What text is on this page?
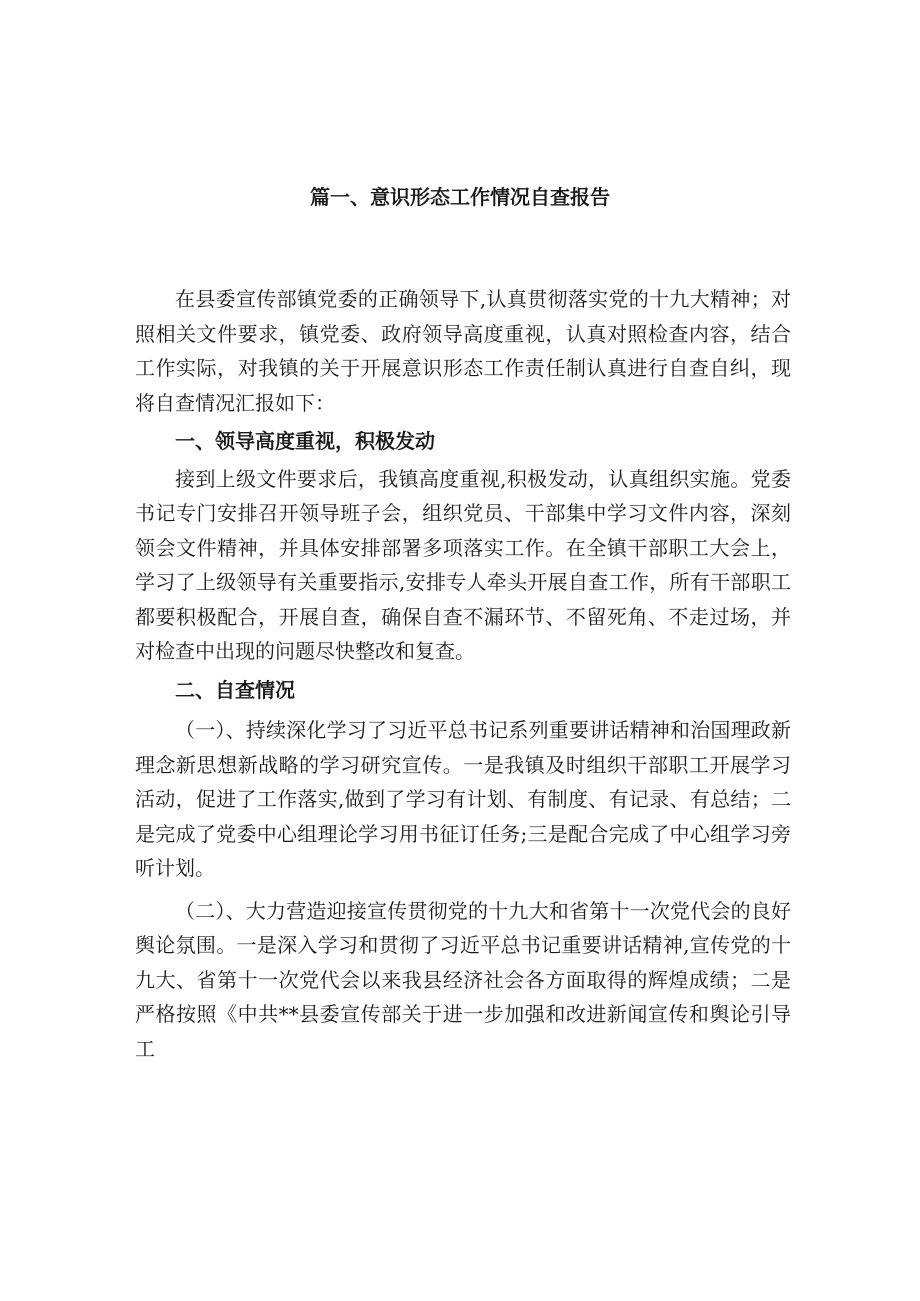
篇一、意识形态工作情况自查报告

在县委宣传部镇党委的正确领导下,认真贯彻落实党的十九大精神；对照相关文件要求，镇党委、政府领导高度重视，认真对照检查内容，结合工作实际，对我镇的关于开展意识形态工作责任制认真进行自查自纠，现将自查情况汇报如下：

一、领导高度重视，积极发动

接到上级文件要求后，我镇高度重视,积极发动，认真组织实施。党委书记专门安排召开领导班子会，组织党员、干部集中学习文件内容，深刻领会文件精神，并具体安排部署多项落实工作。在全镇干部职工大会上，学习了上级领导有关重要指示,安排专人牵头开展自查工作，所有干部职工都要积极配合，开展自查，确保自查不漏环节、不留死角、不走过场，并对检查中出现的问题尽快整改和复查。

二、自查情况

（一）、持续深化学习了习近平总书记系列重要讲话精神和治国理政新理念新思想新战略的学习研究宣传。一是我镇及时组织干部职工开展学习活动，促进了工作落实,做到了学习有计划、有制度、有记录、有总结；二是完成了党委中心组理论学习用书征订任务;三是配合完成了中心组学习旁听计划。

（二）、大力营造迎接宣传贯彻党的十九大和省第十一次党代会的良好舆论氛围。一是深入学习和贯彻了习近平总书记重要讲话精神,宣传党的十九大、省第十一次党代会以来我县经济社会各方面取得的辉煌成绩；二是严格按照《中共**县委宣传部关于进一步加强和改进新闻宣传和舆论引导工
